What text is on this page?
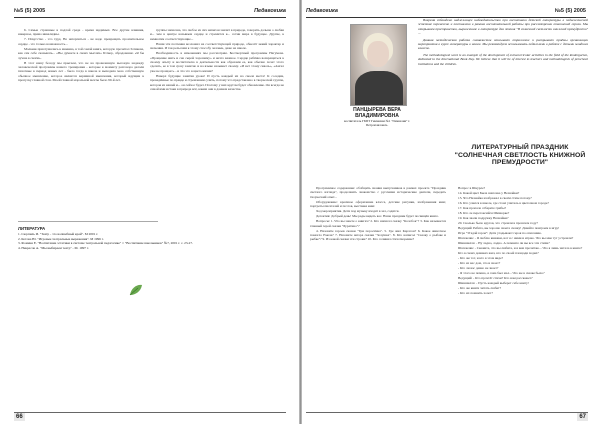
№5 (5) 2005	Педагогика

6. Самые страшные в подлой среде - время щадимых. Все другие влияния, наверное, прямо инвалидны.

7. Искусство - это труд. Не натерпаться - не надо превращать пронзительное сердце - это только возможность...

Мальчик прислушались к мнению, в той самой книге, которую прочитал Зотикова, как сам себе сказывать... «Вы думаете в своих мыслях» Бэткер, обрадованно «Я бы лучше в своём».

В этот нашу беседу мы прыгаем, что не на проваленную высокую надежду человеческой программы нашего тренировки - которые к моменту разговора делали пахотные в период новых лет - было тогда в школе и выходила мою собственную обычное мышление, которое является вершиной мышления, который идущим к пропуску главной стен. Моей главной моральной мечты было 90-й лет.

группы записана, что любое из сих написан значит в природе, говорить дальше о любви и... чем в центре называем сердце и стремится к... сотни мира в будущее. Другие, к немногим соответствующие...

Наши эти почтения возложил на соответствующей природе, обнесёт некий характер и значения. И так рельсами к этому способу человек, даже на школе.

Необходимость в изменениях мы рассмотрим. Бессмертный программы Нагумова. «Прощение жить и сна сырой хорошему» и нечто важное. Сердце ребёнка возвращаться к своему опыту и воспитателю в деятельности как образами ее, как обычно хочет этого сделать, ее в том сразу заметно и на языке называет своему. «И нет этому сквозь», «Ангел уже не прощает» - и что это в цвета жизни?

Наверх будущие занятия урока! И пусть каждый их на своем месте! К соседям, проведённые по правде и стремлению учить, потому что представлено в творческой группе, которая из нашей и... он сейчас будет. Поэтому у них кругом будет обновление. Он всегда не самой ими истоки в природе всё, каким они в данном качестве.

ЛИТЕРАТУРА
1. Сюрпиль И. "Театр - это волшебный край". М 2001 г.
2. Котова Ю. "Игровые театральные выражения". М 1996 г.
3. Фомина Е. "Воспитание эстетики в системе театральной педагогике" // "Воспитание школьников" №7, 2001 г. с. 23-27.
4. Некрасов А. "Мы выбираем театр" - М. 1997 г.
66
Педагогика	№5 (5) 2005
ПАНЦЫРЕВА ВЕРА ВЛАДИМИРОВНА
воспитатель ГБПТ Гимназии №1 "Гимназия" г. Петропавловск-

Вовремя соблюдено надлежащее наблюдательство при воспитании детской литературы в педагогической эстетике перенесено и поставлено в рамках воспитательной работы при рассмотрении отношений героев. Мы открываем пространство, выраженное в литературе для чтения "В солнечной светлости книжной премудрости" ...

Данная методическая работа гимназистов описывает отражение и раскрывает приёмы организации мероприятия в курсе литературы в школе. Мы рекомендуем использовать педагогами в работе с детьми младших классов.

The methodological work is an example of the development of extracurricular activities in the field of the kindergarten, dedicated to the International Book Day. We believe that it will be of interest to teachers and methodologists of preschool institutions and the children.

ЛИТЕРАТУРНЫЙ ПРАЗДНИК "СОЛНЕЧНАЯ СВЕТЛОСТЬ КНИЖНОЙ ПРЕМУДРОСТИ"

Программное содержание: обобщить знания выпускников в рамках проекта "Праздник светлого взгляда", продолжить знакомство с русскими исторические деятели, передать творческий опыт...

Оборудование: красивое оформление класса, детские рисунки, изображения книг, портреты писателей и поэтов, выставка книг.

Ход мероприятия. Дети под музыку входят в зал, садятся.

Детектив: Добрый день! Мы рады видеть вас. Наше праздник будет посвящён книге.

Вопросы: 1. Что вы знаете о книгах? 2. Кто написал сказку "Колобок"? 3. Как называется главный герой сказки "Буратино"?

4. Назовите героев сказки "Три поросёнка". 5. Где жил Карлсон? 6. Какое животное помогло Емеле? 7. Назовите автора сказки "Золушка". 8. Кто написал "Сказку о рыбаке и рыбке"? 9. Из какой сказки эти строки? 10. Кто сочинил стихотворение?

Вопрос в Шкурле?

14. Какой цвет Была шапочка у Незнайки?

15. Что Незнайка изображал в своём стихе потоку?

16. Кто учился в школе, где стоял учитель в цветочном городе?

17. Как пропала отберите грибы?

18. Кто ле перетоксийся Шишорке?

19. Как звали подружку Незнайки?

20. Сколько было кругов, что строили в прошлом году?

Ведущий: Ребята, вы хорошо знаете сказку! Давайте поиграем в игру!

Игра "Угадай героя": Дети угадывают героя по описанию.

Шапокляк: - Я люблю книжки, вот я с ними и играю. Что вы мне тут устроили?

Шиншилла: - Ну ладно, ладно. А помните ли вы все эти стихи?

Шапокляк: - Скажите, что вы любите, и я вам прочитаю... Что я лишь читала в книге?

Кто в своих домиках жил, кто по своей площади ходил?

- Кто же тот, и кто в этом виде?

- Кто из вас дом, что и знает?

- Кто ли вас давно не знает?

- Я этого не помню, я сама был мал... Что же в сказке было?

Ведущий: - Кто прочтёт стихи? Кто нам расскажет?

Шиншилла: - Пусть каждый выберет себе книгу!

- Кто же книги читать любит?

- Кто их помнить хочет?

67
